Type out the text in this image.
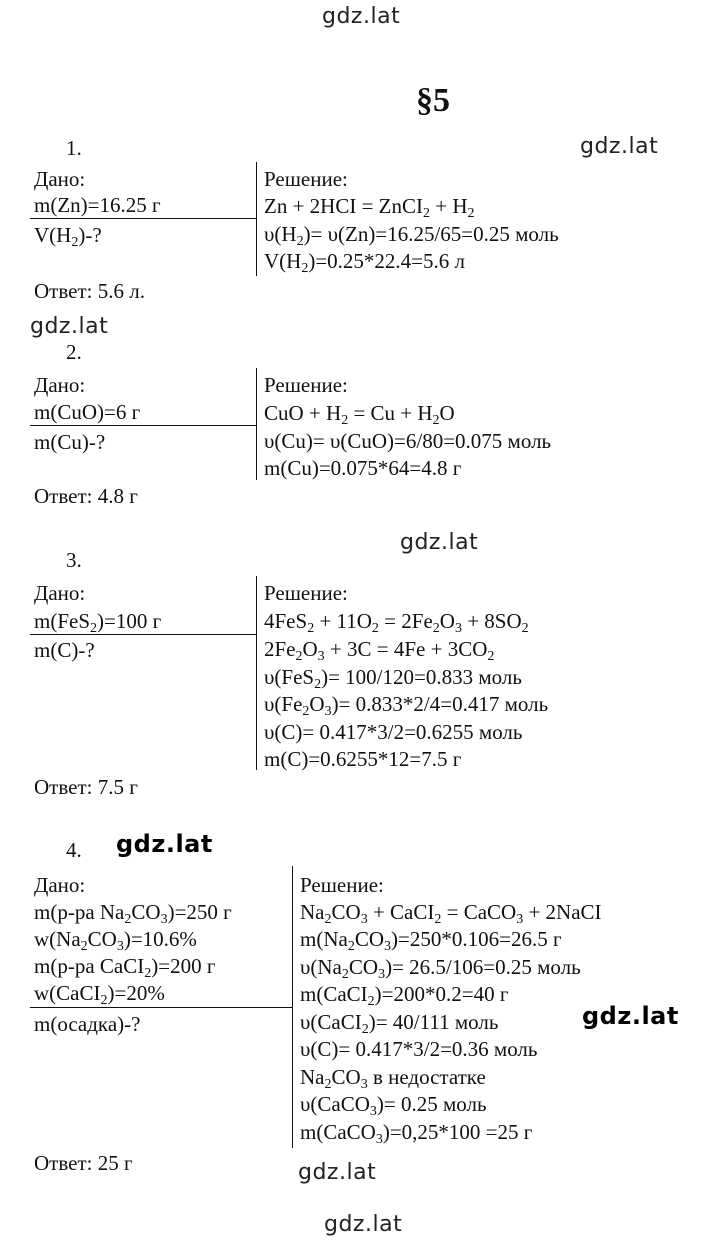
gdz.lat
gdz.lat
gdz.lat
gdz.lat
gdz.lat
gdz.lat
gdz.lat
gdz.lat
§5
1.
Дано:
m(Zn)=16.25 г
$V(H_2)-$?
Решение:
Zn + 2HCI = ZnCI$_2$ + $H_2$
$\upsilon(H_2)= \upsilon(Zn)=16.25/65=0.25$ моль
$V(H_2)=0.25*22.4=5.6$ л
Ответ: 5.6 л.
2.
Дано:
m(CuO)=6 г
m(Cu)-?
Решение:
CuO + $H_2 = Cu + H_2O$
υ(Cu)= υ(CuO)=6/80=0.075 моль
m(Cu)=0.075*64=4.8 г
Ответ: 4.8 г
3.
Дано:
m(FeS$_2$)=100 г
m(C)-?
Решение:
$4FeS_2 + 11O_2 = 2Fe_2O_3 + 8SO_2$
$2Fe_2O_3 + 3C = 4Fe + 3CO_2$
υ(FeS$_2$)= 100/120=0.833 моль
$\upsilon(Fe_2O_3)= 0.833*2/4=0.417$ моль
υ(C)= 0.417*3/2=0.6255 моль
m(C)=0.6255*12=7.5 г
Ответ: 7.5 г
4.
Дано:
m(p-pa $Na_2CO_3)=250$ г
$w(Na_2CO_3)=10.6\%$
m(p-pa CaCI$_2$)=200 г
w(CaCI$_2$)=20%
m(осадка)-?
Решение:
$Na_2CO_3$ + CaCI$_2$ = CaCO$_3$ + 2NaCI
$m(Na_2CO_3)=250*0.106=26.5$ г
$\upsilon(Na_2CO_3)= 26.5/106=0.25$ моль
m(CaCI$_2$)=200*0.2=40 г
υ(CaCI$_2$)= 40/111 моль
υ(C)= 0.417*3/2=0.36 моль
$Na_2CO_3$ в недостатке
υ(CaCO$_3$)= 0.25 моль
m(CaCO$_3$)=0,25*100 =25 г
Ответ: 25 г
